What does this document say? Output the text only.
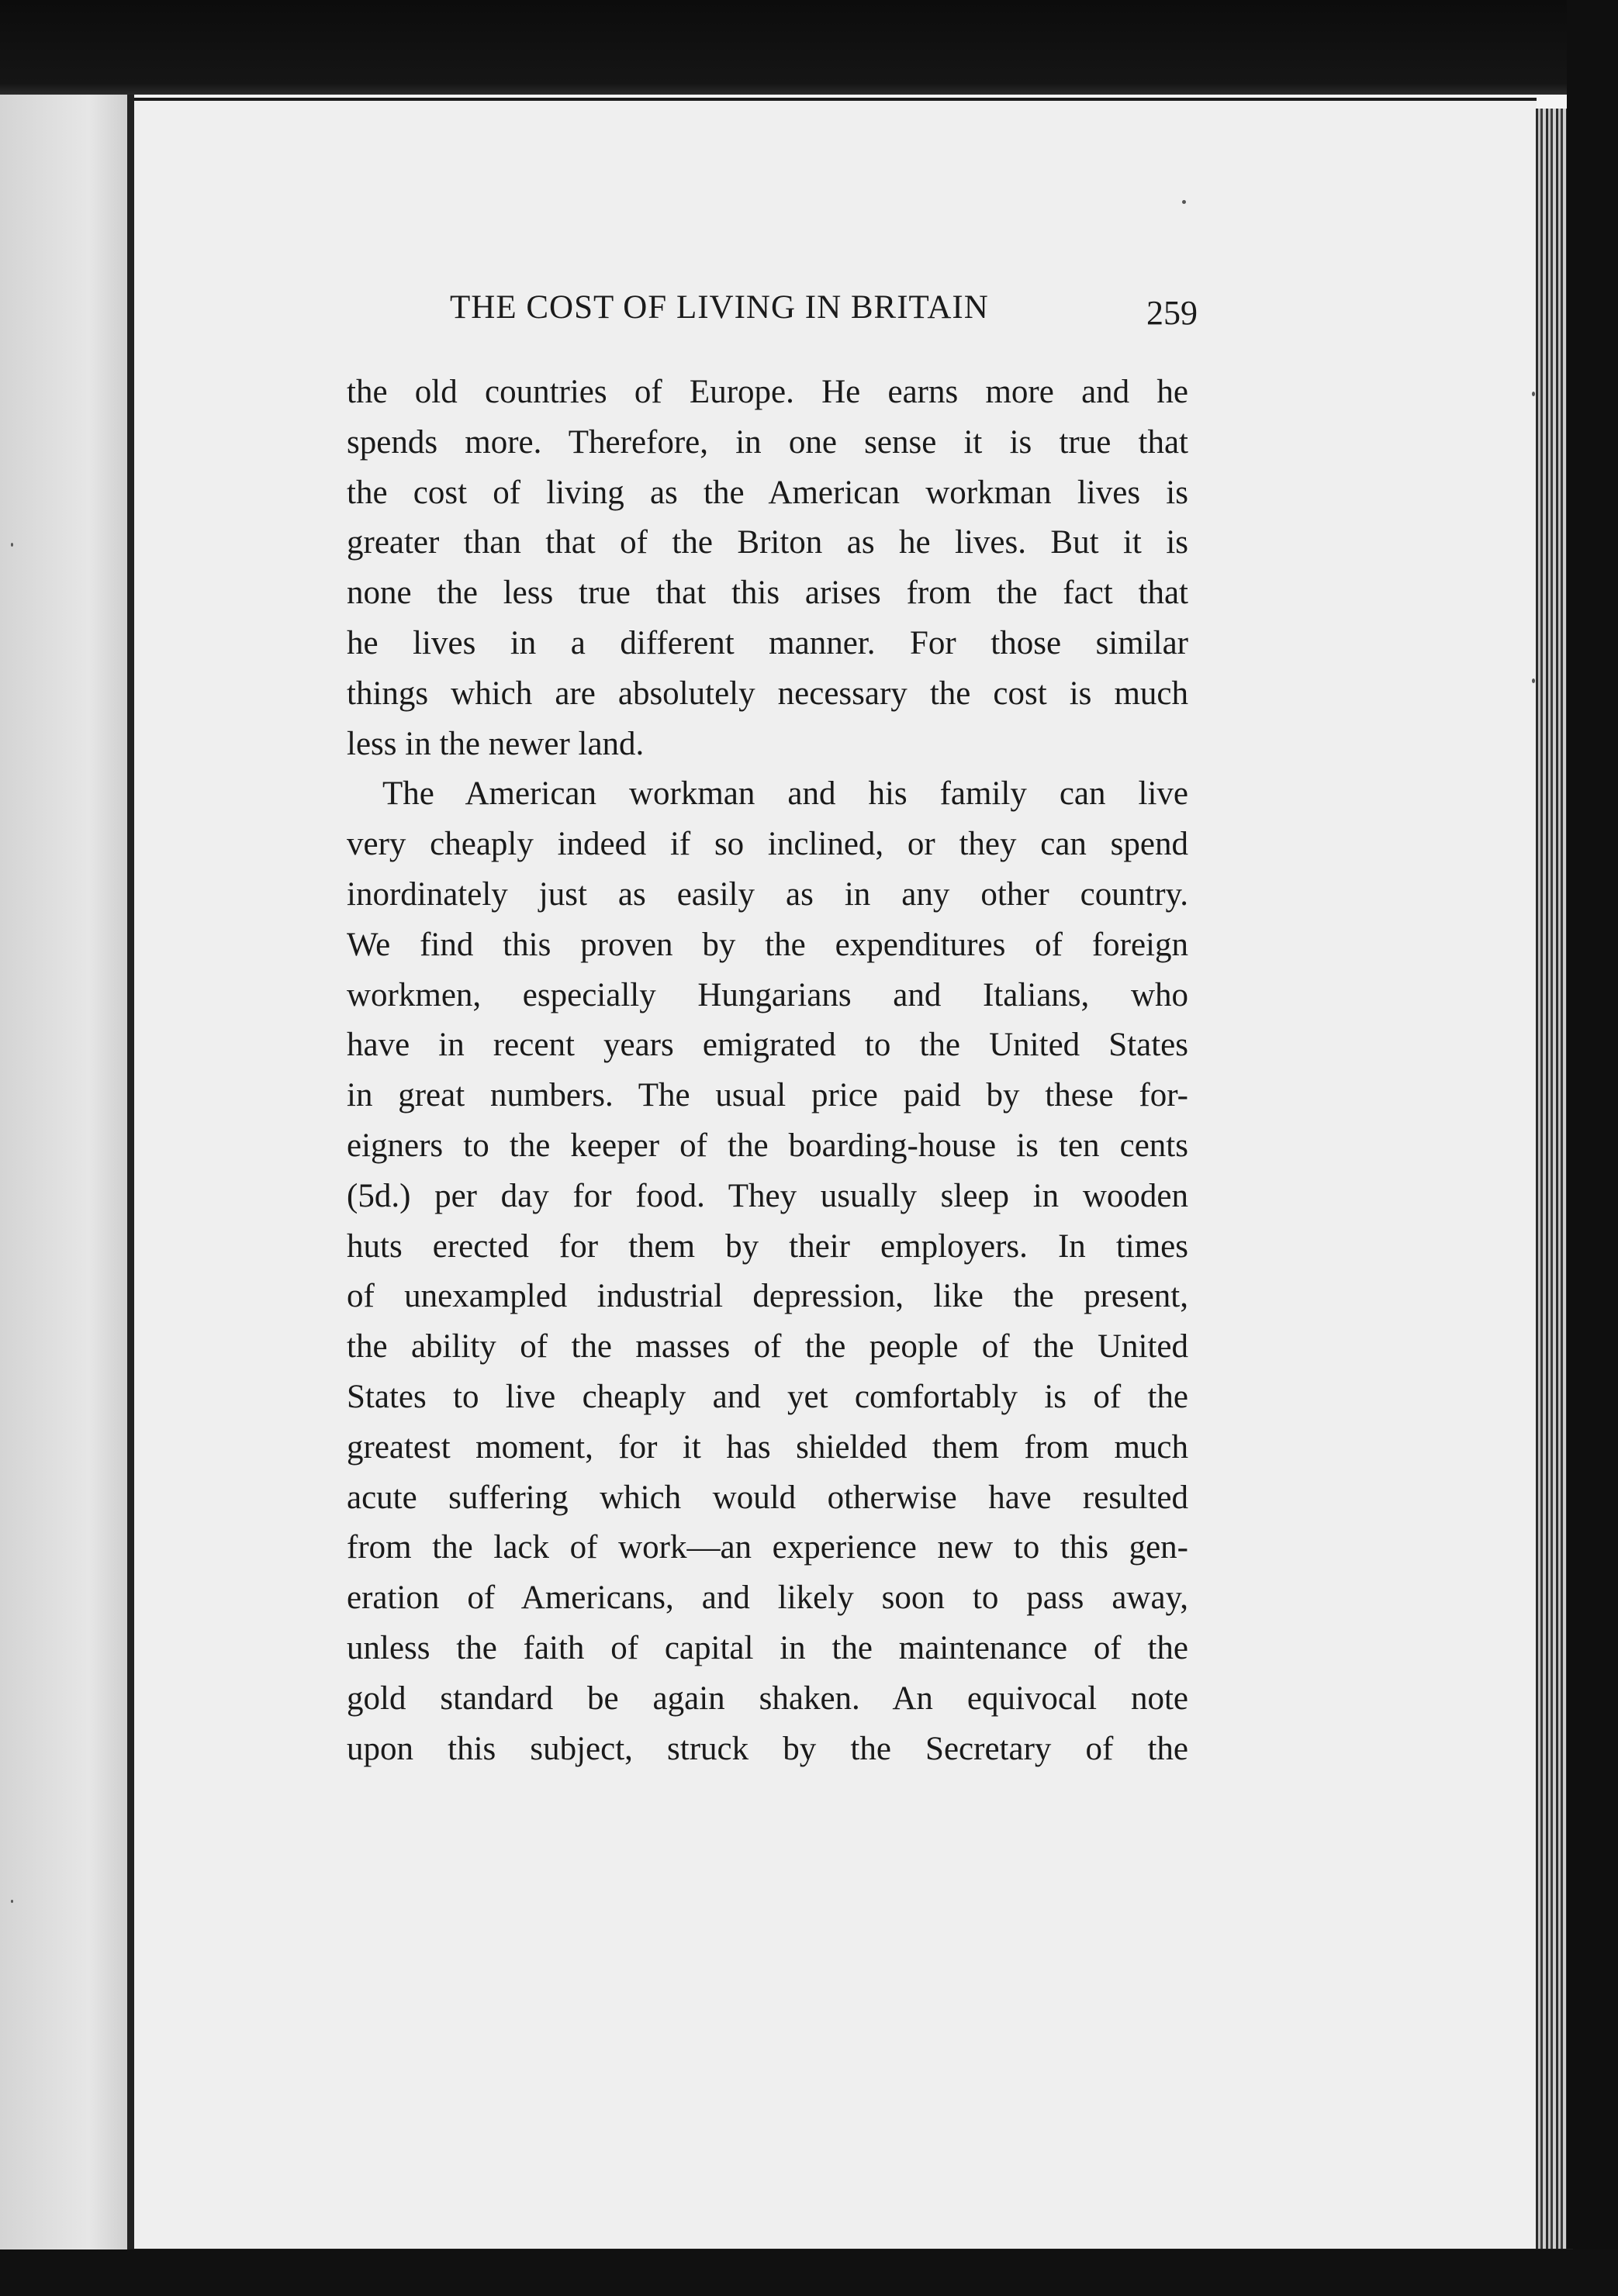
THE COST OF LIVING IN BRITAIN	259
the old countries of Europe. He earns more and he
spends more. Therefore, in one sense it is true that
the cost of living as the American workman lives is
greater than that of the Briton as he lives. But it is
none the less true that this arises from the fact that
he lives in a different manner. For those similar
things which are absolutely necessary the cost is much
less in the newer land.
The American workman and his family can live
very cheaply indeed if so inclined, or they can spend
inordinately just as easily as in any other country.
We find this proven by the expenditures of foreign
workmen, especially Hungarians and Italians, who
have in recent years emigrated to the United States
in great numbers. The usual price paid by these for-
eigners to the keeper of the boarding-house is ten cents
(5d.) per day for food. They usually sleep in wooden
huts erected for them by their employers. In times
of unexampled industrial depression, like the present,
the ability of the masses of the people of the United
States to live cheaply and yet comfortably is of the
greatest moment, for it has shielded them from much
acute suffering which would otherwise have resulted
from the lack of work—an experience new to this gen-
eration of Americans, and likely soon to pass away,
unless the faith of capital in the maintenance of the
gold standard be again shaken. An equivocal note
upon this subject, struck by the Secretary of the
